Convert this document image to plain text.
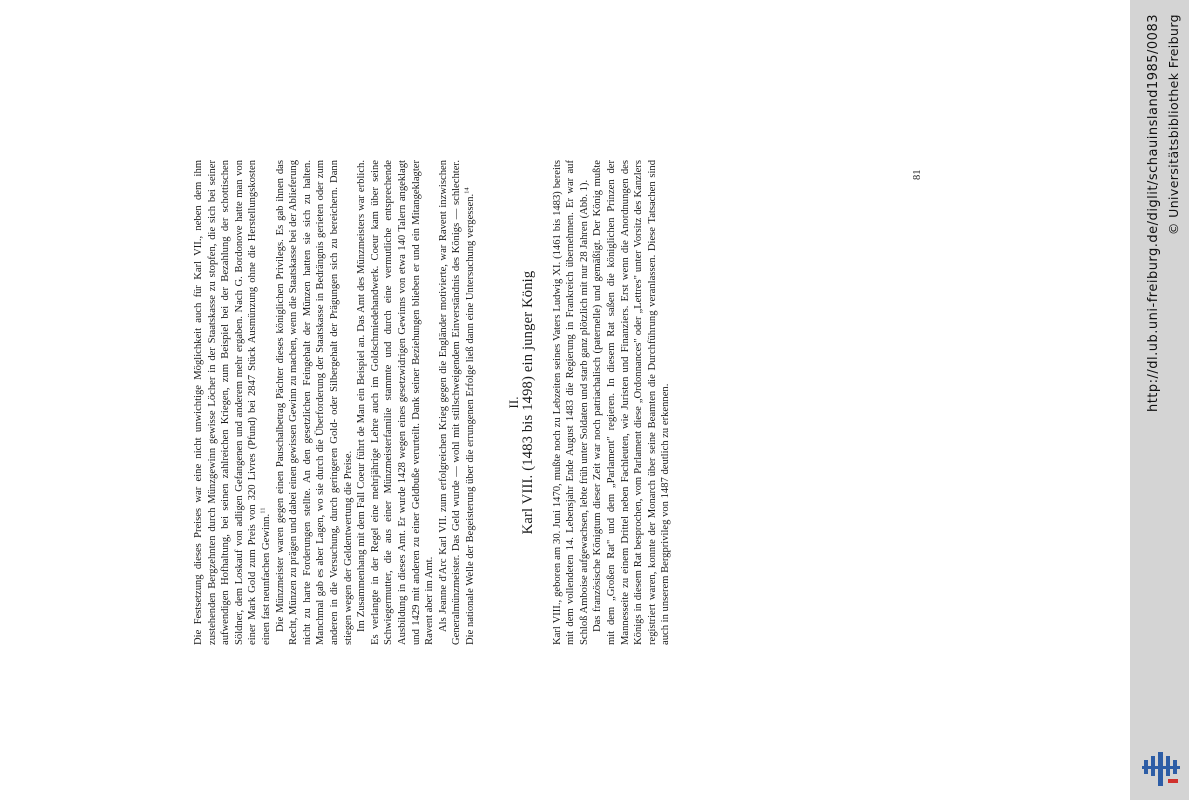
Die Festsetzung dieses Preises war eine nicht unwichtige Möglichkeit auch für Karl VII., neben dem ihm zustehenden Bergzehnten durch Münzgewinn gewisse Löcher in der Staatskasse zu stopfen, die sich bei seiner aufwendigen Hofhaltung, bei seinen zahlreichen Kriegen, zum Beispiel bei der Bezahlung der schottischen Söldner, dem Loskauf von adligen Gefangenen und anderem mehr ergaben. Nach G. Bordonove hatte man von einer Mark Gold zum Preis von 320 Livres (Pfund) bei 2847 Stück Ausmünzung ohne die Herstellungskosten einen fast neunfachen Gewinn.$^{11}$ Die Münzmeister waren gegen einen Pauschalbetrag Pächter dieses königlichen Privilegs. Es gab ihnen das Recht, Münzen zu prägen und dabei einen gewissen Gewinn zu machen, wenn die Staatskasse bei der Ablieferung nicht zu harte Forderungen stellte. An den gesetzlichen Feingehalt der Münzen hatten sie sich zu halten. Manchmal gab es aber Lagen, wo sie durch die Überforderung der Staatskasse in Bedrängnis gerieten oder zum anderen in die Versuchung, durch geringeren Gold- oder Silbergehalt der Prägungen sich zu bereichern. Dann stiegen wegen der Geldentwertung die Preise. Im Zusammenhang mit dem Fall Coeur führt de Man ein Beispiel an. Das Amt des Münzmeisters war erblich. Es verlangte in der Regel eine mehrjährige Lehre auch im Goldschmiedehandwerk. Coeur kam über seine Schwiegermutter, die aus einer Münzmeisterfamilie stammte und durch eine vermutliche entsprechende Ausbildung in dieses Amt. Er wurde 1428 wegen eines gesetzwidrigen Gewinns von etwa 140 Talern angeklagt und 1429 mit anderen zu einer Geldbuße verurteilt. Dank seiner Beziehungen blieben er und ein Mitangeklagter Ravent aber im Amt. Als Jeanne d'Arc Karl VII. zum erfolgreichen Krieg gegen die Engländer motivierte, war Ravent inzwischen Generalmünzmeister. Das Geld wurde — wohl mit stillschweigendem Einverständnis des Königs — schlechter. Die nationale Welle der Begeisterung über die errungenen Erfolge ließ dann eine Untersuchung vergessen.$^{14}$

II.
Karl VIII. (1483 bis 1498) ein junger König Karl VIII., geboren am 30. Juni 1470, mußte noch zu Lebzeiten seines Vaters Ludwig XI. (1461 bis 1483) bereits mit dem vollendeten 14. Lebensjahr Ende August 1483 die Regierung in Frankreich übernehmen. Er war auf Schloß Amboise aufgewachsen, lebte früh unter Soldaten und starb ganz plötzlich mit nur 28 Jahren (Abb. 1). Das französische Königtum dieser Zeit war noch patriachalisch (paternelle) und gemäßigt. Der König mußte mit dem „Großen Rat" und dem „Parlament" regieren. In diesem Rat saßen die königlichen Prinzen der Mannesseite zu einem Drittel neben Fachleuten, wie Juristen und Finanziers. Erst wenn die Anordnungen des Königs in diesem Rat besprochen, vom Parlament diese „Ordonnances" oder „Lettres" unter Vorsitz des Kanzlers registriert waren, konnte der Monarch über seine Beamten die Durchführung veranlassen. Diese Tatsachen sind auch in unserem Bergprivileg von 1487 deutlich zu erkennen.

81	http://dl.ub.uni-freiburg.de/diglit/schauinsland1985/0083 © Universitätsbibliothek Freiburg
